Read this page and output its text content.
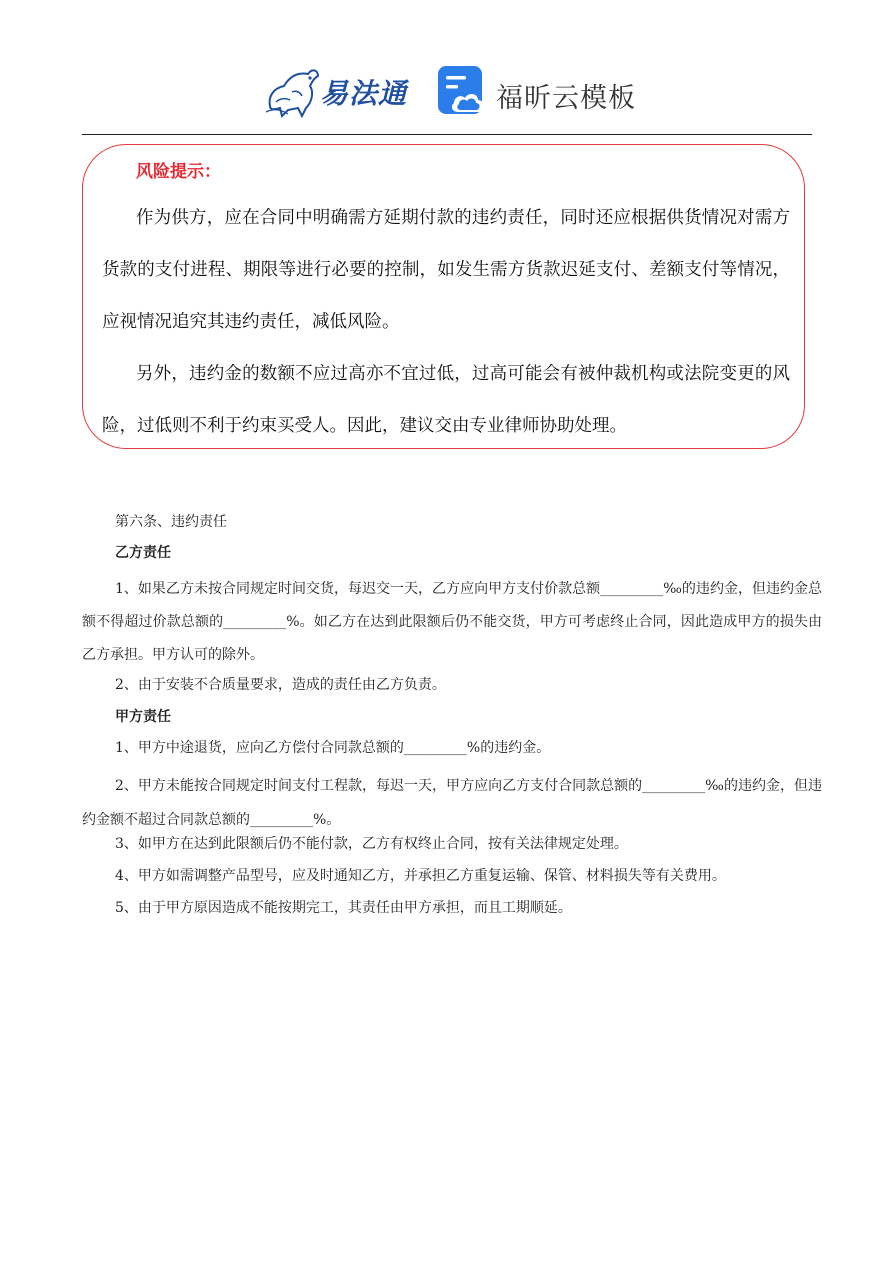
易法通	福昕云模板
风险提示：

作为供方，应在合同中明确需方延期付款的违约责任，同时还应根据供货情况对需方货款的支付进程、期限等进行必要的控制，如发生需方货款迟延支付、差额支付等情况，应视情况追究其违约责任，减低风险。

另外，违约金的数额不应过高亦不宜过低，过高可能会有被仲裁机构或法院变更的风险，过低则不利于约束买受人。因此，建议交由专业律师协助处理。

第六条、违约责任
乙方责任

1、如果乙方未按合同规定时间交货，每迟交一天，乙方应向甲方支付价款总额_________‰的违约金，但违约金总额不得超过价款总额的_________%。如乙方在达到此限额后仍不能交货，甲方可考虑终止合同，因此造成甲方的损失由乙方承担。甲方认可的除外。

2、由于安装不合质量要求，造成的责任由乙方负责。

甲方责任

1、甲方中途退货，应向乙方偿付合同款总额的_________%的违约金。

2、甲方未能按合同规定时间支付工程款，每迟一天，甲方应向乙方支付合同款总额的_________‰的违约金，但违约金额不超过合同款总额的_________%。

3、如甲方在达到此限额后仍不能付款，乙方有权终止合同，按有关法律规定处理。

4、甲方如需调整产品型号，应及时通知乙方，并承担乙方重复运输、保管、材料损失等有关费用。

5、由于甲方原因造成不能按期完工，其责任由甲方承担，而且工期顺延。
